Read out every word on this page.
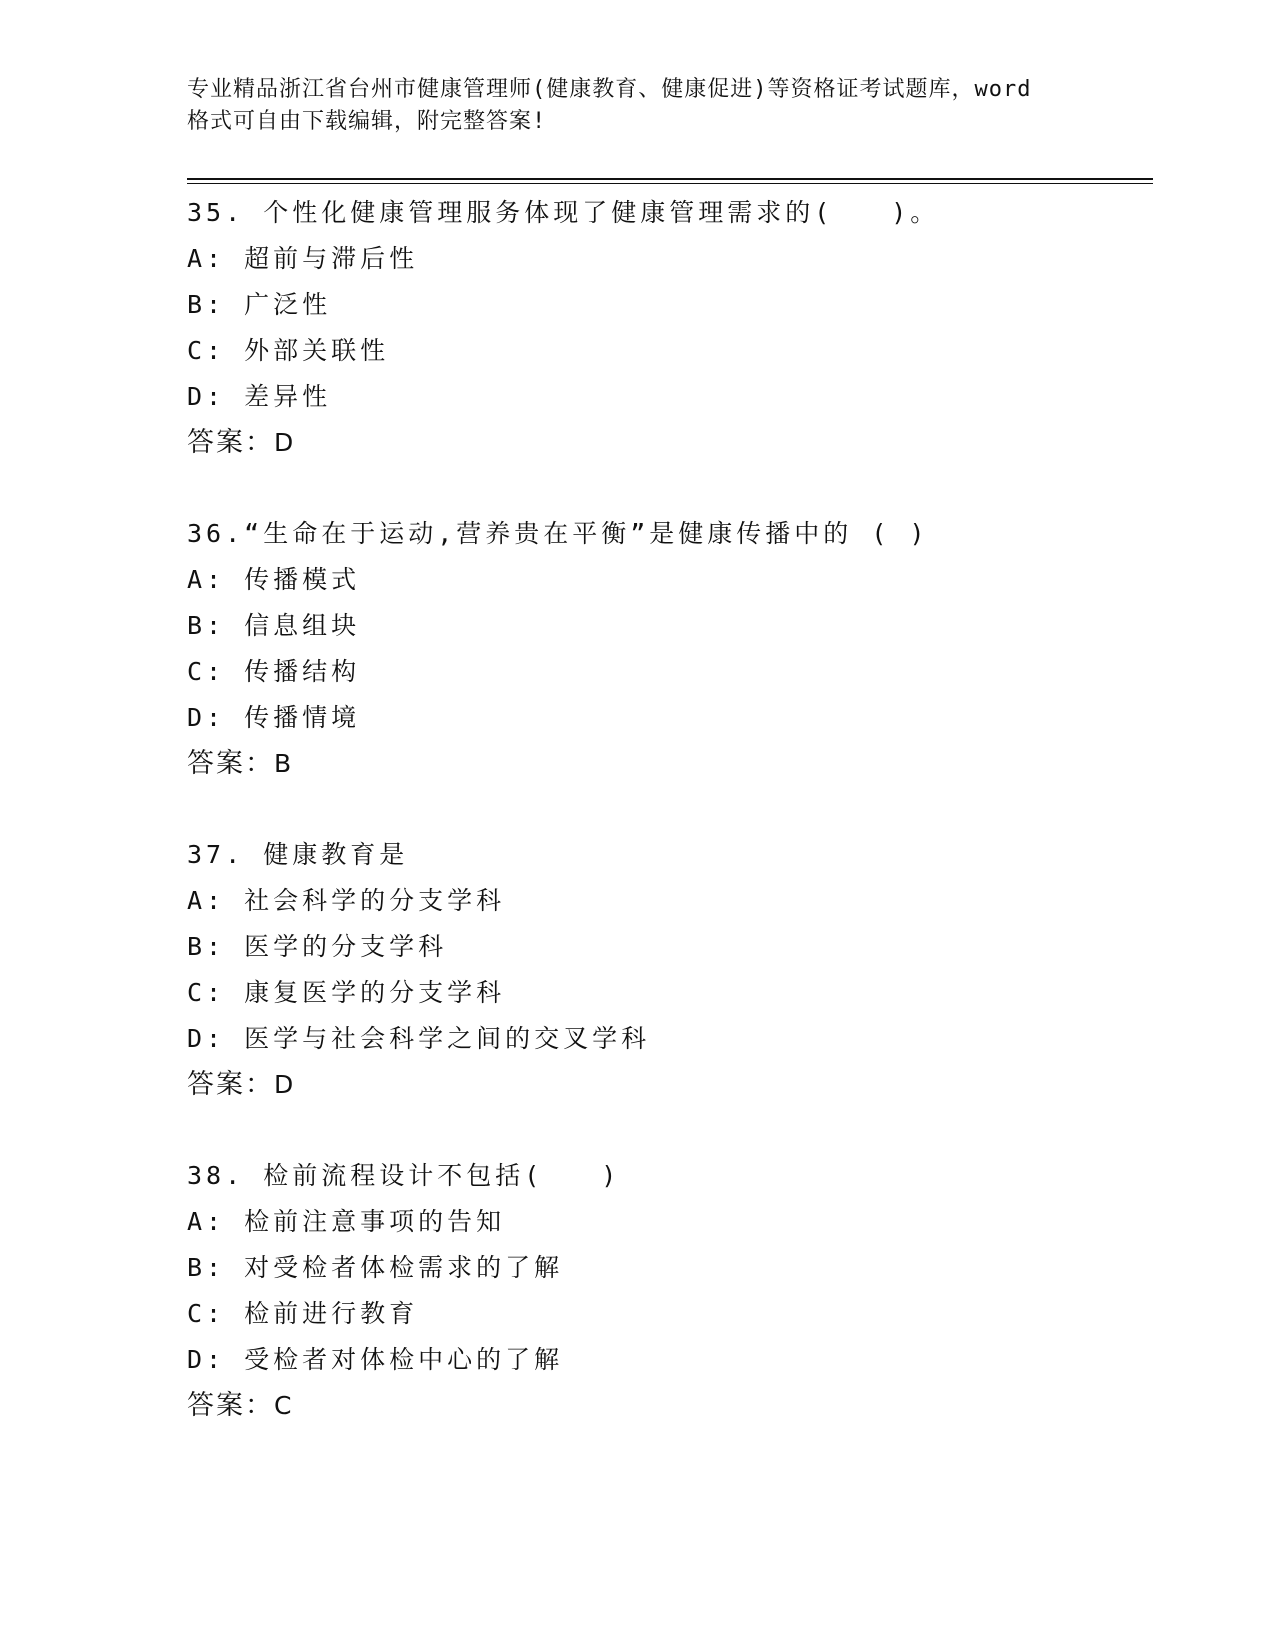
专业精品浙江省台州市健康管理师(健康教育、健康促进)等资格证考试题库，word
格式可自由下载编辑，附完整答案!
35. 个性化健康管理服务体现了健康管理需求的(　　)。
A: 超前与滞后性
B: 广泛性
C: 外部关联性
D: 差异性
答案：D
36.“生命在于运动,营养贵在平衡”是健康传播中的 ( )
A: 传播模式
B: 信息组块
C: 传播结构
D: 传播情境
答案：B
37. 健康教育是
A: 社会科学的分支学科
B: 医学的分支学科
C: 康复医学的分支学科
D: 医学与社会科学之间的交叉学科
答案：D
38. 检前流程设计不包括(　　)
A: 检前注意事项的告知
B: 对受检者体检需求的了解
C: 检前进行教育
D: 受检者对体检中心的了解
答案：C
